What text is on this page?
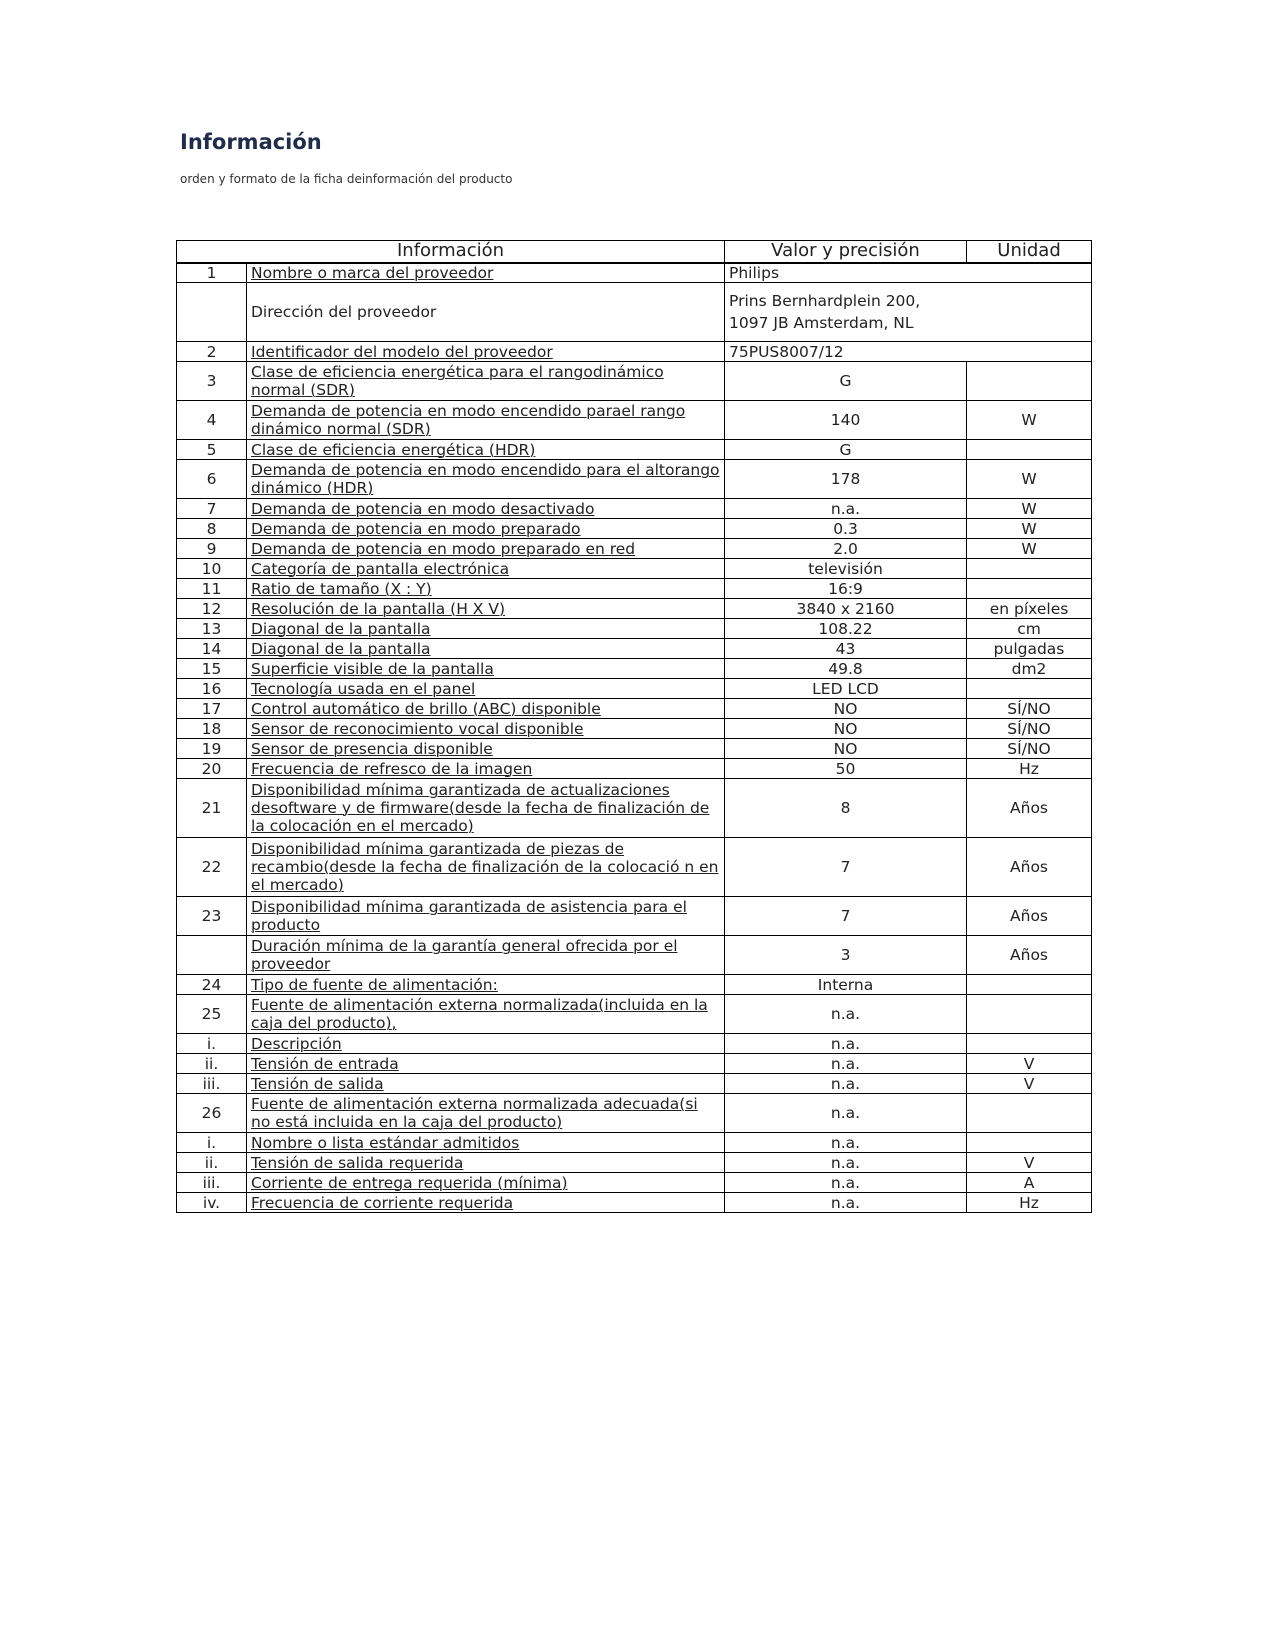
Información
orden y formato de la ficha deinformación del producto
Información		Valor y precisión	Unidad
1	Nombre o marca del proveedor	Philips	
	Dirección del proveedor	Prins Bernhardplein 200,
1097 JB Amsterdam, NL	
2	Identificador del modelo del proveedor	75PUS8007/12	
3	Clase de eficiencia energética para el rangodinámico normal (SDR)	G	
4	Demanda de potencia en modo encendido parael rango dinámico normal (SDR)	140	W
5	Clase de eficiencia energética (HDR)	G	
6	Demanda de potencia en modo encendido para el altorango dinámico (HDR)	178	W
7	Demanda de potencia en modo desactivado	n.a.	W
8	Demanda de potencia en modo preparado	0.3	W
9	Demanda de potencia en modo preparado en red	2.0	W
10	Categoría de pantalla electrónica	televisión	
11	Ratio de tamaño (X : Y)	16:9	
12	Resolución de la pantalla (H X V)	3840 x 2160	en píxeles
13	Diagonal de la pantalla	108.22	cm
14	Diagonal de la pantalla	43	pulgadas
15	Superficie visible de la pantalla	49.8	dm2
16	Tecnología usada en el panel	LED LCD	
17	Control automático de brillo (ABC) disponible	NO	SÍ/NO
18	Sensor de reconocimiento vocal disponible	NO	SÍ/NO
19	Sensor de presencia disponible	NO	SÍ/NO
20	Frecuencia de refresco de la imagen	50	Hz
21	Disponibilidad mínima garantizada de actualizaciones desoftware y de firmware(desde la fecha de finalización de la colocación en el mercado)	8	Años
22	Disponibilidad mínima garantizada de piezas de recambio(desde la fecha de finalización de la colocació n en el mercado)	7	Años
23	Disponibilidad mínima garantizada de asistencia para el producto	7	Años
	Duración mínima de la garantía general ofrecida por el proveedor	3	Años
24	Tipo de fuente de alimentación:	Interna	
25	Fuente de alimentación externa normalizada(incluida en la caja del producto),	n.a.	
i.	Descripción	n.a.	
ii.	Tensión de entrada	n.a.	V
iii.	Tensión de salida	n.a.	V
26	Fuente de alimentación externa normalizada adecuada(si no está incluida en la caja del producto)	n.a.	
i.	Nombre o lista estándar admitidos	n.a.	
ii.	Tensión de salida requerida	n.a.	V
iii.	Corriente de entrega requerida (mínima)	n.a.	A
iv.	Frecuencia de corriente requerida	n.a.	Hz
